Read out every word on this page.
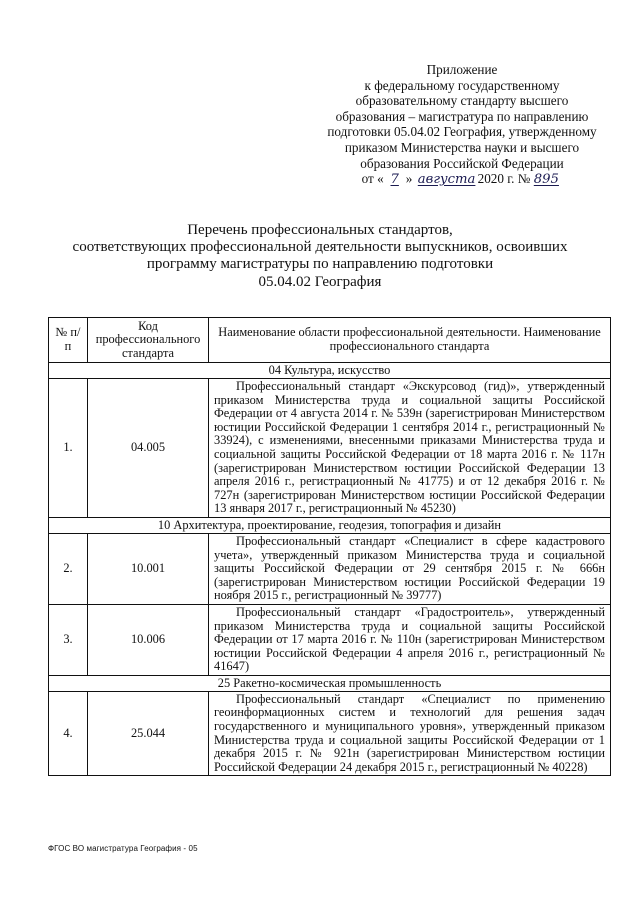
Приложение
к федеральному государственному
образовательному стандарту высшего
образования – магистратура по направлению
подготовки 05.04.02 География, утвержденному
приказом Министерства науки и высшего
образования Российской Федерации
от « 7 » августа 2020 г. № 895
Перечень профессиональных стандартов,
соответствующих профессиональной деятельности выпускников, освоивших
программу магистратуры по направлению подготовки
05.04.02 География
№ п/п	Код профессионального стандарта	Наименование области профессиональной деятельности. Наименование профессионального стандарта
04 Культура, искусство		
1.	04.005	Профессиональный стандарт «Экскурсовод (гид)», утвержденный приказом Министерства труда и социальной защиты Российской Федерации от 4 августа 2014 г. № 539н (зарегистрирован Министерством юстиции Российской Федерации 1 сентября 2014 г., регистрационный № 33924), с изменениями, внесенными приказами Министерства труда и социальной защиты Российской Федерации от 18 марта 2016 г. № 117н (зарегистрирован Министерством юстиции Российской Федерации 13 апреля 2016 г., регистрационный № 41775) и от 12 декабря 2016 г. № 727н (зарегистрирован Министерством юстиции Российской Федерации 13 января 2017 г., регистрационный № 45230)
10 Архитектура, проектирование, геодезия, топография и дизайн		
2.	10.001	Профессиональный стандарт «Специалист в сфере кадастрового учета», утвержденный приказом Министерства труда и социальной защиты Российской Федерации от 29 сентября 2015 г. № 666н (зарегистрирован Министерством юстиции Российской Федерации 19 ноября 2015 г., регистрационный № 39777)
3.	10.006	Профессиональный стандарт «Градостроитель», утвержденный приказом Министерства труда и социальной защиты Российской Федерации от 17 марта 2016 г. № 110н (зарегистрирован Министерством юстиции Российской Федерации 4 апреля 2016 г., регистрационный № 41647)
25 Ракетно-космическая промышленность		
4.	25.044	Профессиональный стандарт «Специалист по применению геоинформационных систем и технологий для решения задач государственного и муниципального уровня», утвержденный приказом Министерства труда и социальной защиты Российской Федерации от 1 декабря 2015 г. № 921н (зарегистрирован Министерством юстиции Российской Федерации 24 декабря 2015 г., регистрационный № 40228)
ФГОС ВО магистратура География - 05
